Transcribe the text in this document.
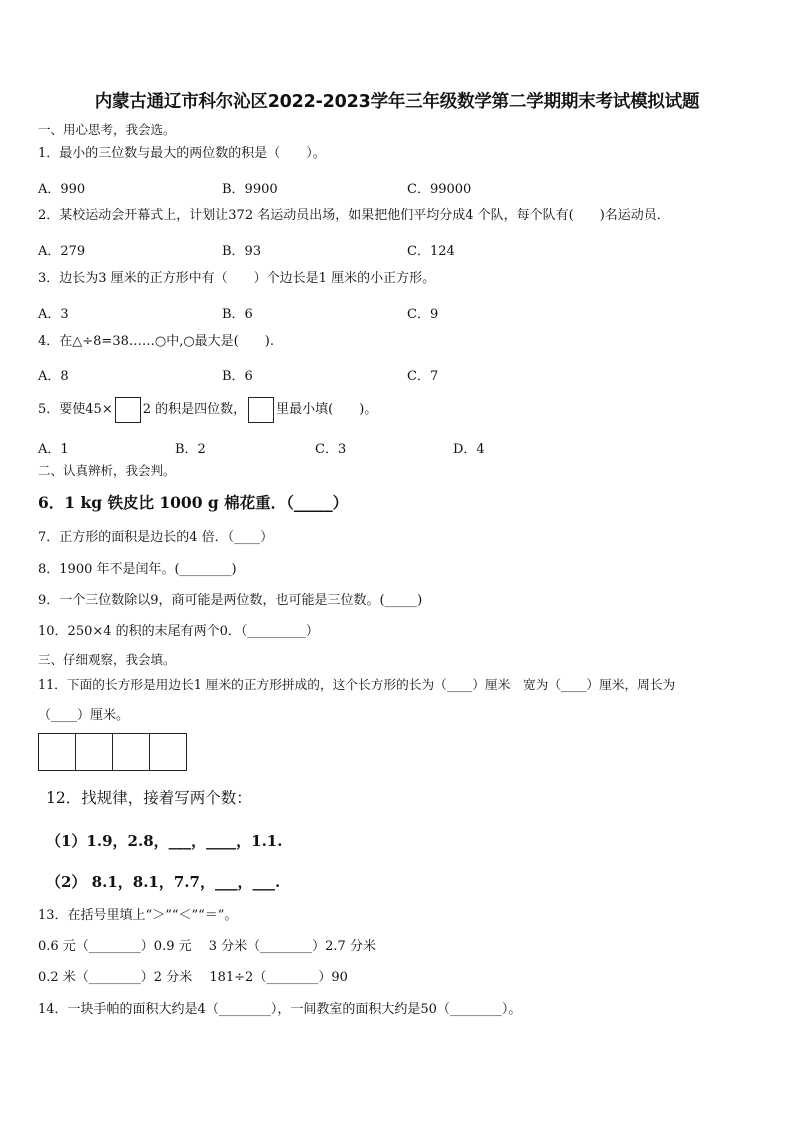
内蒙古通辽市科尔沁区2022-2023学年三年级数学第二学期期末考试模拟试题
一、用心思考，我会选。
1．最小的三位数与最大的两位数的积是（　　）。
A．990	B．9900	C．99000
2．某校运动会开幕式上，计划让372 名运动员出场，如果把他们平均分成4 个队，每个队有(　　)名运动员．
A．279	B．93	C．124
3．边长为3 厘米的正方形中有（　　）个边长是1 厘米的小正方形。
A．3	B．6	C．9
4．在△÷8=38……○中,○最大是(　　).
A．8	B．6	C．7
5．要使45× 2 的积是四位数， 里最小填(　　)。
A．1	B．2	C．3	D．4
二、认真辨析，我会判。
6．1 kg 铁皮比 1000 g 棉花重．（_____）
7．正方形的面积是边长的4 倍．（____）
8．1900 年不是闰年。(________)
9．一个三位数除以9，商可能是两位数，也可能是三位数。(_____)
10．250×4 的积的末尾有两个0．（_________）
三、仔细观察，我会填。
11．下面的长方形是用边长1 厘米的正方形拼成的，这个长方形的长为（____）厘米　宽为（____）厘米，周长为
（____）厘米。
12．找规律，接着写两个数：
（1）1.9，2.8，___，____，1.1.
（2） 8.1，8.1，7.7，___，___.
13．在括号里填上“＞”“＜”“＝”。
0.6 元（________）0.9 元　 3 分米（________）2.7 分米
0.2 米（________）2 分米　 181÷2（________）90
14．一块手帕的面积大约是4（________），一间教室的面积大约是50（________）。
